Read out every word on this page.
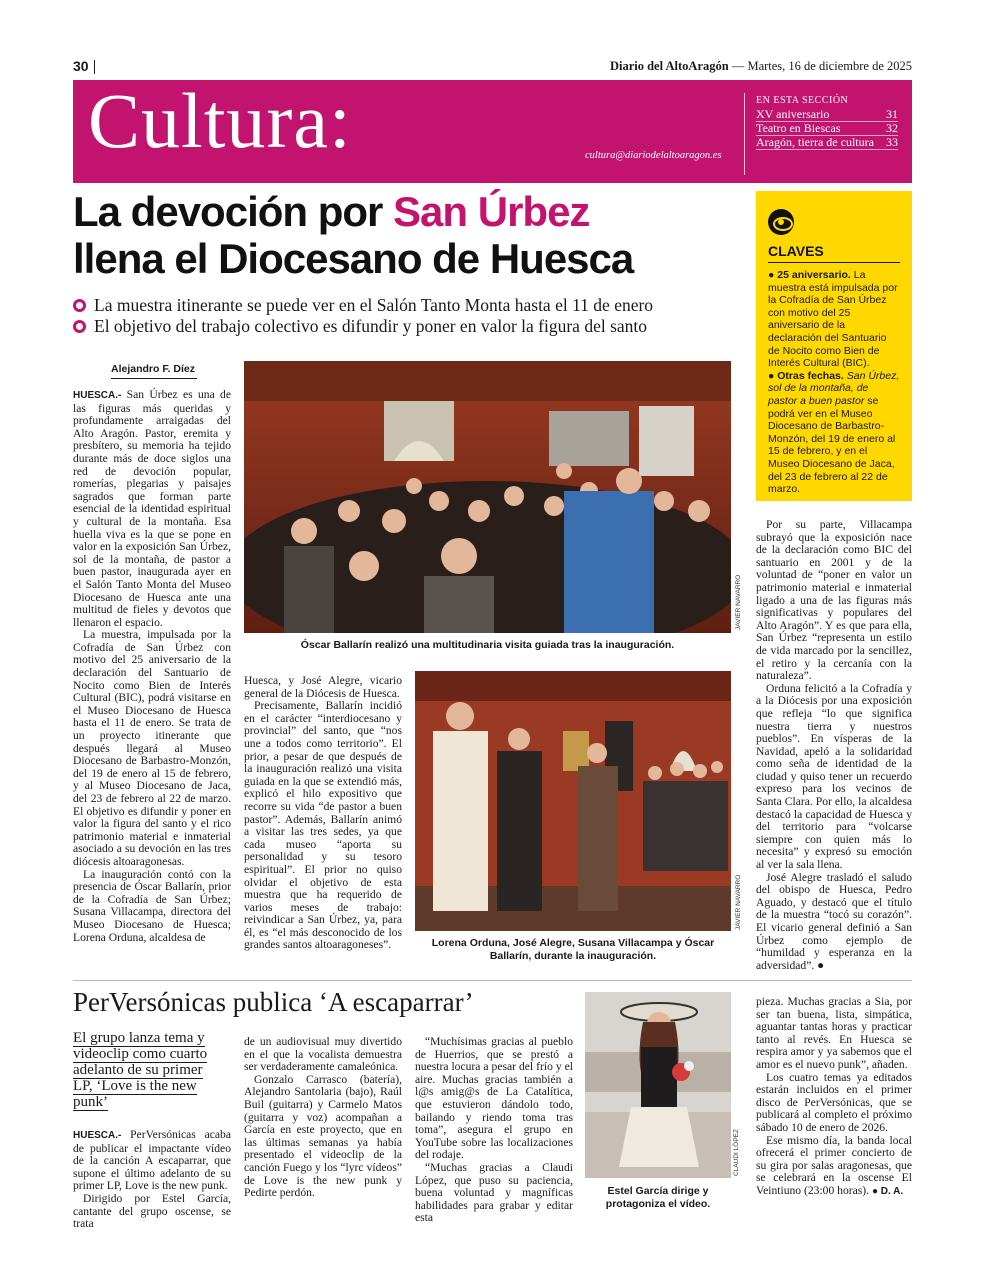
30	Diario del AltoAragón — Martes, 16 de diciembre de 2025
Cultura:	cultura@diariodelaltoaragon.es
EN ESTA SECCIÓN
XV aniversario	31
Teatro en Biescas	32
Aragón, tierra de cultura 33
La devoción por San Úrbez
llena el Diocesano de Huesca
La muestra itinerante se puede ver en el Salón Tanto Monta hasta el 11 de enero
El objetivo del trabajo colectivo es difundir y poner en valor la figura del santo
CLAVES

● 25 aniversario. La muestra está impulsada por la Cofradía de San Úrbez con motivo del 25 aniversario de la declaración del Santuario de Nocito como Bien de Interés Cultural (BIC).

● Otras fechas. San Úrbez, sol de la montaña, de pastor a buen pastor se podrá ver en el Museo Diocesano de Barbastro-Monzón, del 19 de enero al 15 de febrero, y en el Museo Diocesano de Jaca, del 23 de febrero al 22 de marzo.

Alejandro F. Díez

HUESCA.- San Úrbez es una de las figuras más queridas y profundamente arraigadas del Alto Aragón. Pastor, eremita y presbítero, su memoria ha tejido durante más de doce siglos una red de devoción popular, romerías, plegarias y paisajes sagrados que forman parte esencial de la identidad espiritual y cultural de la montaña. Esa huella viva es la que se pone en valor en la exposición San Úrbez, sol de la montaña, de pastor a buen pastor, inaugurada ayer en el Salón Tanto Monta del Museo Diocesano de Huesca ante una multitud de fieles y devotos que llenaron el espacio.

La muestra, impulsada por la Cofradía de San Úrbez con motivo del 25 aniversario de la declaración del Santuario de Nocito como Bien de Interés Cultural (BIC), podrá visitarse en el Museo Diocesano de Huesca hasta el 11 de enero. Se trata de un proyecto itinerante que después llegará al Museo Diocesano de Barbastro-Monzón, del 19 de enero al 15 de febrero, y al Museo Diocesano de Jaca, del 23 de febrero al 22 de marzo. El objetivo es difundir y poner en valor la figura del santo y el rico patrimonio material e inmaterial asociado a su devoción en las tres diócesis altoaragonesas.

La inauguración contó con la presencia de Óscar Ballarín, prior de la Cofradía de San Úrbez; Susana Villacampa, directora del Museo Diocesano de Huesca; Lorena Orduna, alcaldesa de

JAVIER NAVARRO
Óscar Ballarín realizó una multitudinaria visita guiada tras la inauguración.

Huesca, y José Alegre, vicario general de la Diócesis de Huesca.

Precisamente, Ballarín incidió en el carácter “interdiocesano y provincial” del santo, que “nos une a todos como territorio”. El prior, a pesar de que después de la inauguración realizó una visita guiada en la que se extendió más, explicó el hilo expositivo que recorre su vida “de pastor a buen pastor”. Además, Ballarín animó a visitar las tres sedes, ya que cada museo “aporta su personalidad y su tesoro espiritual”. El prior no quiso olvidar el objetivo de esta muestra que ha requerido de varios meses de trabajo: reivindicar a San Úrbez, ya, para él, es “el más desconocido de los grandes santos altoaragoneses”.

JAVIER NAVARRO
Lorena Orduna, José Alegre, Susana Villacampa y Óscar Ballarín, durante la inauguración.

Por su parte, Villacampa subrayó que la exposición nace de la declaración como BIC del santuario en 2001 y de la voluntad de “poner en valor un patrimonio material e inmaterial ligado a una de las figuras más significativas y populares del Alto Aragón”. Y es que para ella, San Úrbez “representa un estilo de vida marcado por la sencillez, el retiro y la cercanía con la naturaleza”.

Orduna felicitó a la Cofradía y a la Diócesis por una exposición que refleja “lo que significa nuestra tierra y nuestros pueblos”. En vísperas de la Navidad, apeló a la solidaridad como seña de identidad de la ciudad y quiso tener un recuerdo expreso para los vecinos de Santa Clara. Por ello, la alcaldesa destacó la capacidad de Huesca y del territorio para “volcarse siempre con quien más lo necesita” y expresó su emoción al ver la sala llena.

José Alegre trasladó el saludo del obispo de Huesca, Pedro Aguado, y destacó que el título de la muestra “tocó su corazón”. El vicario general definió a San Úrbez como ejemplo de “humildad y esperanza en la adversidad”. ●

PerVersónicas publica ‘A escaparrar’
El grupo lanza tema y videoclip como cuarto adelanto de su primer LP, ‘Love is the new punk’

HUESCA.- PerVersónicas acaba de publicar el impactante vídeo de la canción A escaparrar, que supone el último adelanto de su primer LP, Love is the new punk.

Dirigido por Estel García, cantante del grupo oscense, se trata

de un audiovisual muy divertido en el que la vocalista demuestra ser verdaderamente camaleónica.

Gonzalo Carrasco (batería), Alejandro Santolaria (bajo), Raúl Buil (guitarra) y Carmelo Matos (guitarra y voz) acompañan a García en este proyecto, que en las últimas semanas ya había presentado el videoclip de la canción Fuego y los “lyrc vídeos” de Love is the new punk y Pedirte perdón.

“Muchísimas gracias al pueblo de Huerrios, que se prestó a nuestra locura a pesar del frío y el aire. Muchas gracias también a l@s amig@s de La Catalítica, que estuvieron dándolo todo, bailando y riendo toma tras toma”, asegura el grupo en YouTube sobre las localizaciones del rodaje.

“Muchas gracias a Claudi López, que puso su paciencia, buena voluntad y magníficas habilidades para grabar y editar esta

CLAUDI LÓPEZ
Estel García dirige y protagoniza el vídeo.

pieza. Muchas gracias a Sia, por ser tan buena, lista, simpática, aguantar tantas horas y practicar tanto al revés. En Huesca se respira amor y ya sabemos que el amor es el nuevo punk”, añaden.

Los cuatro temas ya editados estarán incluidos en el primer disco de PerVersónicas, que se publicará al completo el próximo sábado 10 de enero de 2026.

Ese mismo día, la banda local ofrecerá el primer concierto de su gira por salas aragonesas, que se celebrará en la oscense El Veintiuno (23:00 horas). ● D. A.
